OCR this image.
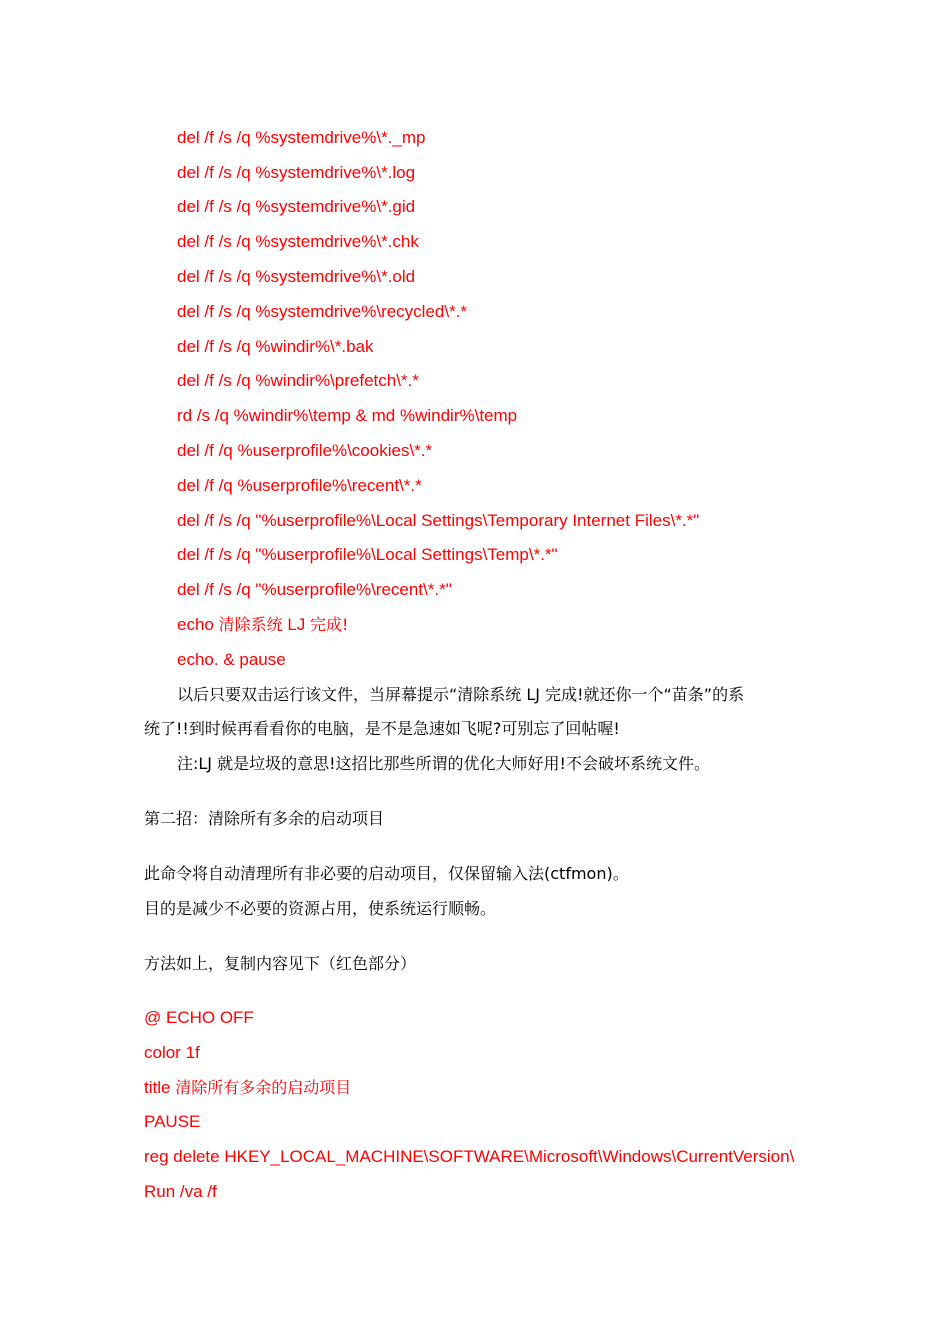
del /f /s /q %systemdrive%\*._mp
del /f /s /q %systemdrive%\*.log
del /f /s /q %systemdrive%\*.gid
del /f /s /q %systemdrive%\*.chk
del /f /s /q %systemdrive%\*.old
del /f /s /q %systemdrive%\recycled\*.*
del /f /s /q %windir%\*.bak
del /f /s /q %windir%\prefetch\*.*
rd /s /q %windir%\temp & md %windir%\temp
del /f /q %userprofile%\cookies\*.*
del /f /q %userprofile%\recent\*.*
del /f /s /q "%userprofile%\Local Settings\Temporary Internet Files\*.*"
del /f /s /q "%userprofile%\Local Settings\Temp\*.*"
del /f /s /q "%userprofile%\recent\*.*"
echo 清除系统 LJ 完成!
echo. & pause
以后只要双击运行该文件，当屏幕提示“清除系统 LJ 完成!就还你一个“苗条”的系
统了!!到时候再看看你的电脑，是不是急速如飞呢?可别忘了回帖喔!
注:LJ 就是垃圾的意思!这招比那些所谓的优化大师好用!不会破坏系统文件。
第二招：清除所有多余的启动项目
此命令将自动清理所有非必要的启动项目，仅保留输入法(ctfmon)。
目的是减少不必要的资源占用，使系统运行顺畅。
方法如上，复制内容见下（红色部分）
@ ECHO OFF
color 1f
title 清除所有多余的启动项目
PAUSE
reg delete HKEY_LOCAL_MACHINE\SOFTWARE\Microsoft\Windows\CurrentVersion\
Run /va /f
